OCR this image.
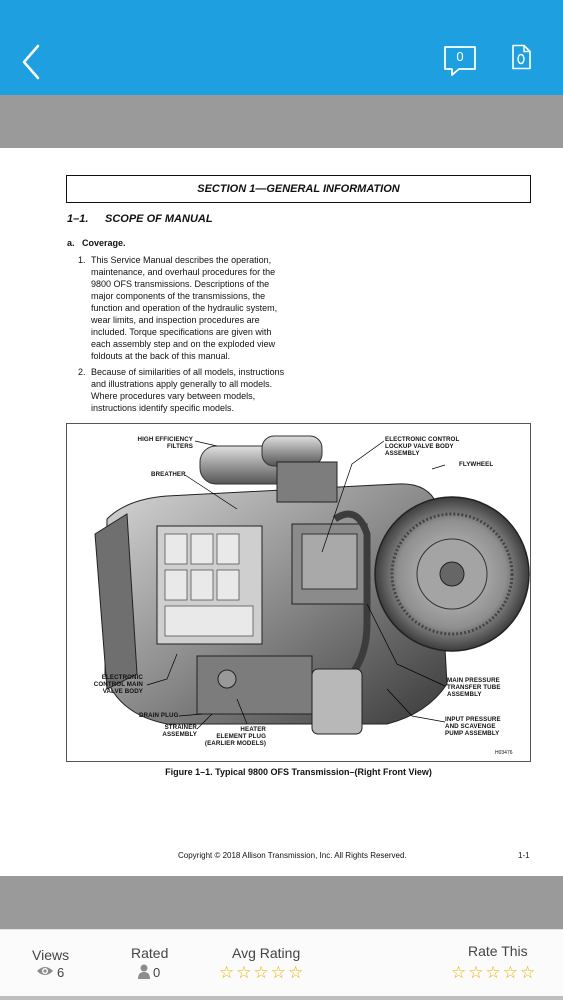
0
SECTION 1—GENERAL INFORMATION
1–1. SCOPE OF MANUAL
a.   Coverage.
1. This Service Manual describes the operation, maintenance, and overhaul procedures for the 9800 OFS transmissions. Descriptions of the major components of the transmissions, the function and operation of the hydraulic system, wear limits, and inspection procedures are included. Torque specifications are given with each assembly step and on the exploded view foldouts at the back of this manual.
2. Because of similarities of all models, instructions and illustrations apply generally to all models. Where procedures vary between models, instructions identify specific models.
HIGH EFFICIENCY
FILTERS
BREATHER
ELECTRONIC CONTROL
LOCKUP VALVE BODY
ASSEMBLY
FLYWHEEL
ELECTRONIC
CONTROL MAIN
VALVE BODY
DRAIN PLUG
STRAINER
ASSEMBLY
HEATER
ELEMENT PLUG
(EARLIER MODELS)
MAIN PRESSURE
TRANSFER TUBE
ASSEMBLY
INPUT PRESSURE
AND SCAVENGE
PUMP ASSEMBLY
H03476
Figure 1–1. Typical 9800 OFS Transmission–(Right Front View)
Copyright © 2018 Allison Transmission, Inc. All Rights Reserved.	1-1
Views
6
Rated
0
Avg Rating
☆☆☆☆☆
Rate This
☆☆☆☆☆
